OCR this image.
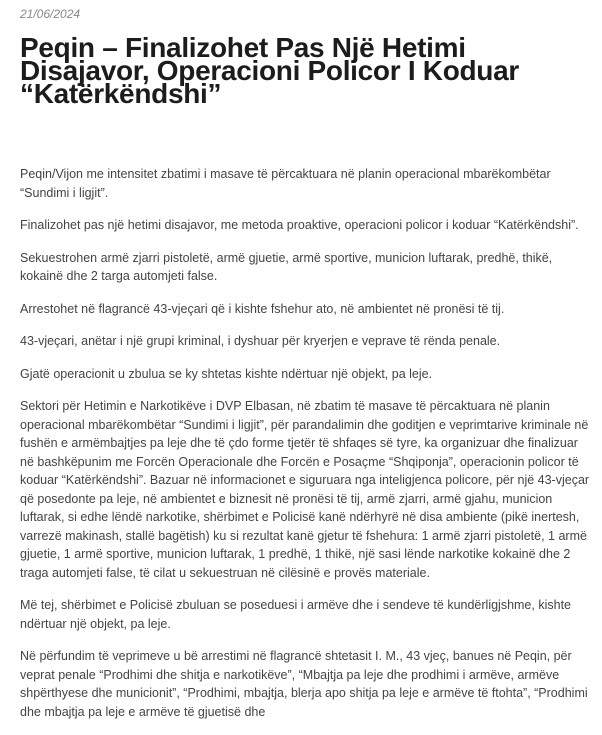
21/06/2024
Peqin – Finalizohet Pas Një Hetimi Disajavor, Operacioni Policor I Koduar “Katërkëndshi”

Peqin/Vijon me intensitet zbatimi i masave të përcaktuara në planin operacional mbarëkombëtar “Sundimi i ligjit”.

Finalizohet pas një hetimi disajavor, me metoda proaktive, operacioni policor i koduar “Katërkëndshi”.

Sekuestrohen armë zjarri pistoletë, armë gjuetie, armë sportive, municion luftarak, predhë, thikë, kokainë dhe 2 targa automjeti false.

Arrestohet në flagrancë 43-vjeçari që i kishte fshehur ato, në ambientet në pronësi të tij.

43-vjeçari, anëtar i një grupi kriminal, i dyshuar për kryerjen e veprave të rënda penale.

Gjatë operacionit u zbulua se ky shtetas kishte ndërtuar një objekt, pa leje.

Sektori për Hetimin e Narkotikëve i DVP Elbasan, në zbatim të masave të përcaktuara në planin operacional mbarëkombëtar “Sundimi i ligjit”, për parandalimin dhe goditjen e veprimtarive kriminale në fushën e armëmbajtjes pa leje dhe të çdo forme tjetër të shfaqes së tyre, ka organizuar dhe finalizuar në bashkëpunim me Forcën Operacionale dhe Forcën e Posaçme “Shqiponja”, operacionin policor të koduar “Katërkëndshi”. Bazuar në informacionet e siguruara nga inteligjenca policore, për një 43-vjeçar që posedonte pa leje, në ambientet e biznesit në pronësi të tij, armë zjarri, armë gjahu, municion luftarak, si edhe lëndë narkotike, shërbimet e Policisë kanë ndërhyrë në disa ambiente (pikë inertesh, varrezë makinash, stallë bagëtish) ku si rezultat kanë gjetur të fshehura: 1 armë zjarri pistoletë, 1 armë gjuetie, 1 armë sportive, municion luftarak, 1 predhë, 1 thikë, një sasi lënde narkotike kokainë dhe 2 traga automjeti false, të cilat u sekuestruan në cilësinë e provës materiale.

Më tej, shërbimet e Policisë zbuluan se poseduesi i armëve dhe i sendeve të kundërligjshme, kishte ndërtuar një objekt, pa leje.

Në përfundim të veprimeve u bë arrestimi në flagrancë shtetasit I. M., 43 vjeç, banues në Peqin, për veprat penale “Prodhimi dhe shitja e narkotikëve”, “Mbajtja pa leje dhe prodhimi i armëve, armëve shpërthyese dhe municionit”, “Prodhimi, mbajtja, blerja apo shitja pa leje e armëve të ftohta”, “Prodhimi dhe mbajtja pa leje e armëve të gjuetisë dhe
